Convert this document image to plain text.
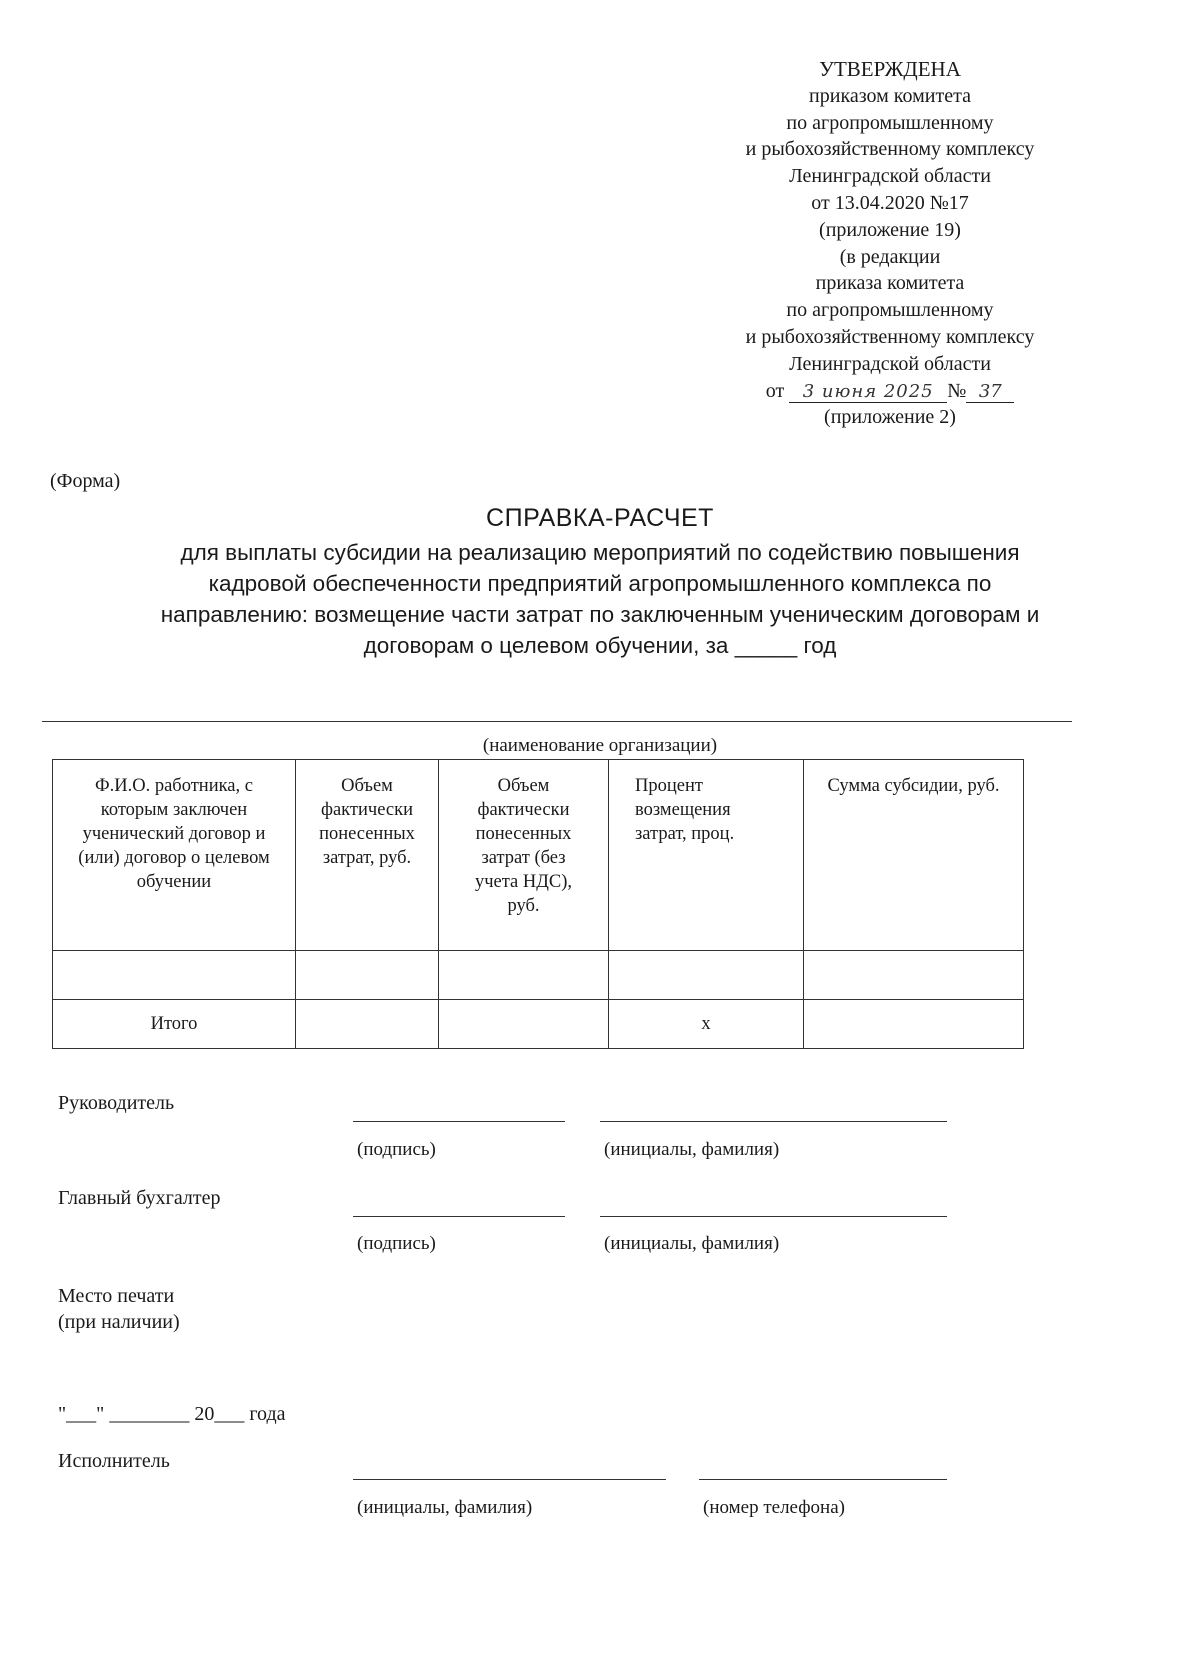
УТВЕРЖДЕНА
приказом комитета
по агропромышленному
и рыбохозяйственному комплексу
Ленинградской области
от 13.04.2020 №17
(приложение 19)
(в редакции
приказа комитета
по агропромышленному
и рыбохозяйственному комплексу
Ленинградской области
от 3 июня 2025 № 37
(приложение 2)
(Форма)
СПРАВКА-РАСЧЕТ
для выплаты субсидии на реализацию мероприятий по содействию повышения
кадровой обеспеченности предприятий агропромышленного комплекса по
направлению: возмещение части затрат по заключенным ученическим договорам и
договорам о целевом обучении, за _____ год
(наименование организации)
Ф.И.О. работника, с которым заключен ученический договор и (или) договор о целевом обучении	Объем фактически понесенных затрат, руб.	Объем фактически понесенных затрат (без учета НДС), руб.	Процент возмещения затрат, проц.	Сумма субсидии, руб.

Итого			х	
Руководитель
(подпись)	(инициалы, фамилия)
Главный бухгалтер
(подпись)	(инициалы, фамилия)
Место печати
(при наличии)
"___" ________ 20___ года
Исполнитель
(инициалы, фамилия)	(номер телефона)
